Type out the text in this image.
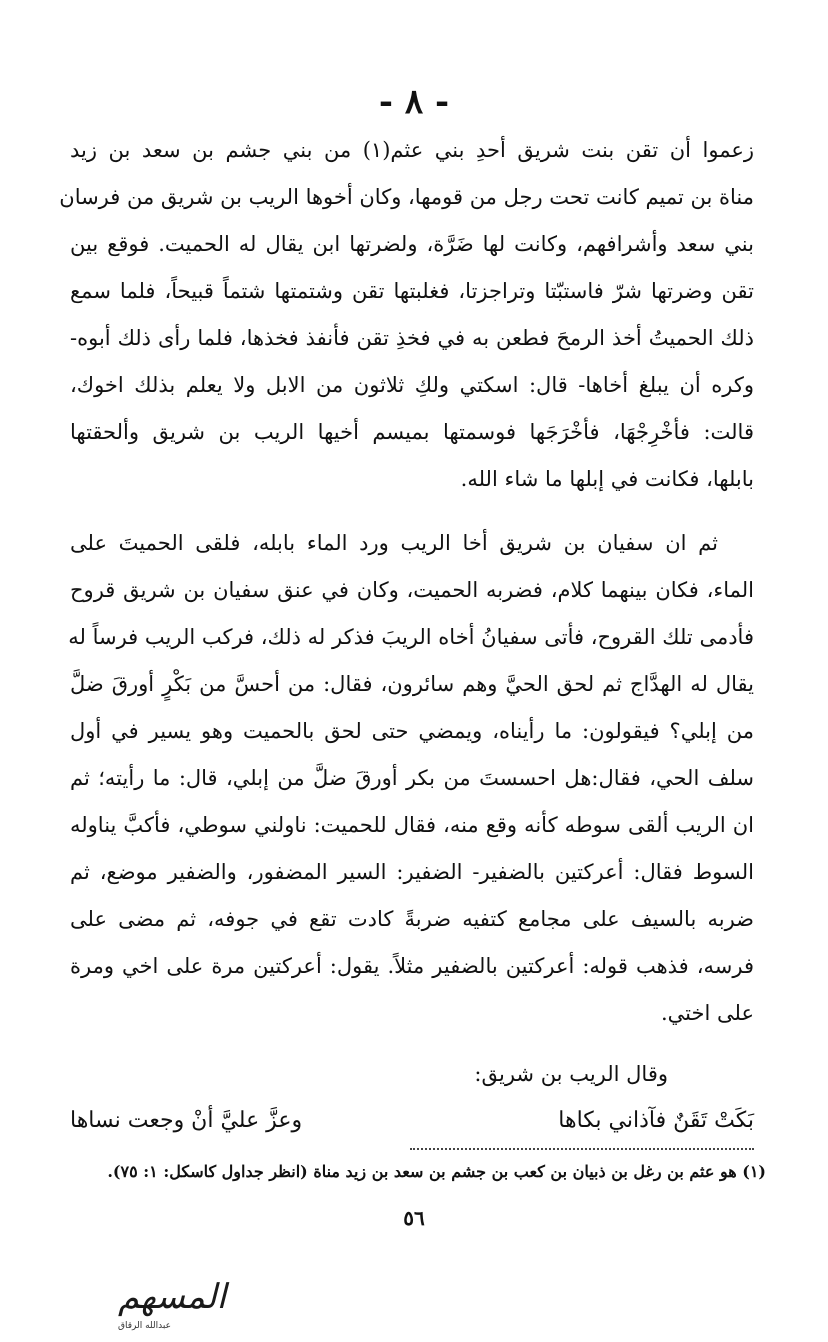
- ٨ -
زعموا أن تقن بنت شريق أحدِ بني عثم(١) من بني جشم بن سعد بن زيد
مناة بن تميم كانت تحت رجل من قومها، وكان أخوها الريب بن شريق من فرسان
بني سعد وأشرافهم، وكانت لها ضَرَّة، ولضرتها ابن يقال له الحميت. فوقع بين
تقن وضرتها شرّ فاستبّتا وتراجزتا، فغلبتها تقن وشتمتها شتماً قبيحاً، فلما سمع
ذلك الحميتُ أخذ الرمحَ فطعن به في فخذِ تقن فأنفذ فخذها، فلما رأى ذلك أبوه-
وكره أن يبلغ أخاها- قال: اسكتي ولكِ ثلاثون من الابل ولا يعلم بذلك اخوك،
قالت: فأخْرِجْهَا، فأخْرَجَها فوسمتها بميسم أخيها الريب بن شريق وألحقتها
بابلها، فكانت في إبلها ما شاء الله.
ثم ان سفيان بن شريق أخا الريب ورد الماء بابله، فلقى الحميتَ على
الماء، فكان بينهما كلام، فضربه الحميت، وكان في عنق سفيان بن شريق قروح
فأدمى تلك القروح، فأتى سفيانُ أخاه الريبَ فذكر له ذلك، فركب الريب فرساً له
يقال له الهدَّاج ثم لحق الحيَّ وهم سائرون، فقال: من أحسَّ من بَكْرٍ أورقَ ضلَّ
من إبلي؟ فيقولون: ما رأيناه، ويمضي حتى لحق بالحميت وهو يسير في أول
سلف الحي، فقال:هل احسستَ من بكر أورقَ ضلَّ من إبلي، قال: ما رأيته؛ ثم
ان الريب ألقى سوطه كأنه وقع منه، فقال للحميت: ناولني سوطي، فأكبَّ يناوله
السوط فقال: أعركتين بالضفير- الضفير: السير المضفور، والضفير موضع، ثم
ضربه بالسيف على مجامع كتفيه ضربةً كادت تقع في جوفه، ثم مضى على
فرسه، فذهب قوله: أعركتين بالضفير مثلاً. يقول: أعركتين مرة على اخي ومرة
على اختي.
وقال الريب بن شريق:
بَكَتْ تَقَنٌ فآذاني بكاها
وعزَّ عليَّ أنْ وجعت نساها
(١) هو عثم بن رغل بن ذبيان بن كعب بن جشم بن سعد بن زيد مناة (انظر جداول كاسكل: ١: ٧٥).
٥٦
المسهم
عبدالله الرقاق
